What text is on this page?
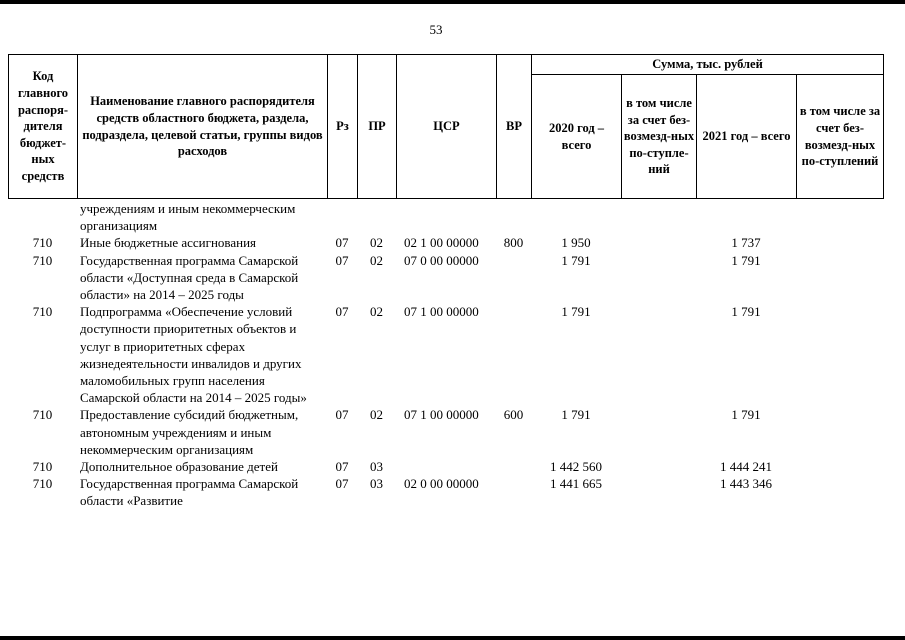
53
Код главного распоря-дителя бюджет-ных средств	Наименование главного распорядителя средств областного бюджета, раздела, подраздела, целевой статьи, группы видов расходов	Рз	ПР	ЦСР	ВР	Сумма, тыс. рублей			
						2020 год – всего	в том числе за счет без-возмезд-ных по-ступле-ний	2021 год – всего	в том числе за счет без-возмезд-ных по-ступлений
	учреждениям и иным некоммерческим организациям								
710	Иные бюджетные ассигнования	07	02	02 1 00 00000	800	1 950		1 737	
710	Государственная программа Самарской области «Доступная среда в Самарской области» на 2014 – 2025 годы	07	02	07 0 00 00000		1 791		1 791	
710	Подпрограмма «Обеспечение условий доступности приоритетных объектов и услуг в приоритетных сферах жизнедеятельности инвалидов и других маломобильных групп населения Самарской области на 2014 – 2025 годы»	07	02	07 1 00 00000		1 791		1 791	
710	Предоставление субсидий бюджетным, автономным учреждениям и иным некоммерческим организациям	07	02	07 1 00 00000	600	1 791		1 791	
710	Дополнительное образование детей	07	03			1 442 560		1 444 241	
710	Государственная программа Самарской области «Развитие	07	03	02 0 00 00000		1 441 665		1 443 346	
